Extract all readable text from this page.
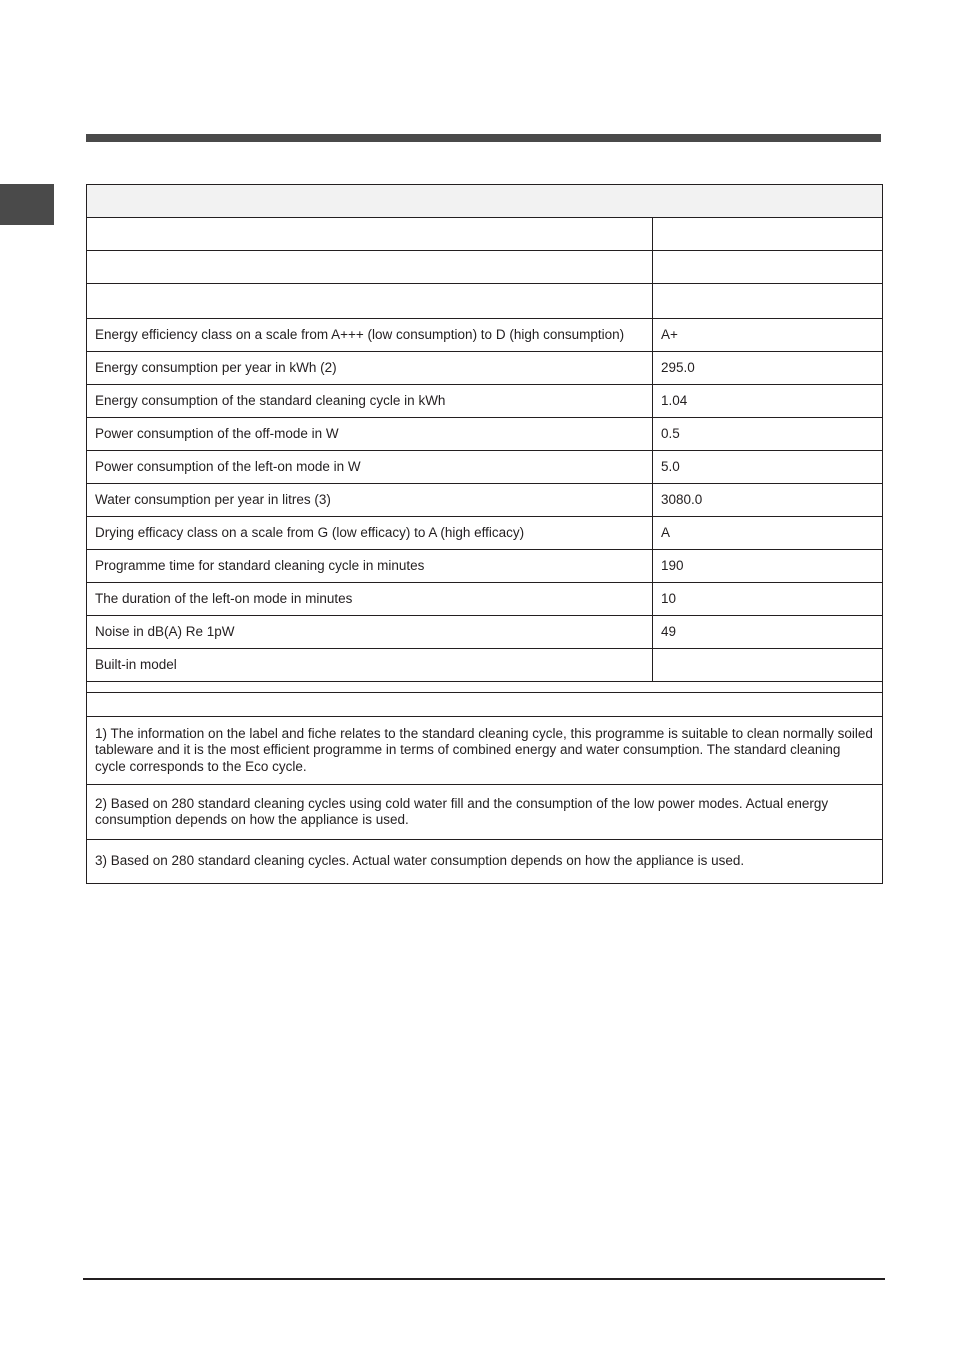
Energy efficiency class on a scale from A+++ (low consumption) to D (high consumption)	A+
Energy consumption per year in kWh (2)	295.0
Energy consumption of the standard cleaning cycle in kWh	1.04
Power consumption of the off-mode in W	0.5
Power consumption of the left-on mode in W	5.0
Water consumption per year in litres (3)	3080.0
Drying efficacy class on a scale from G (low efficacy) to A (high efficacy)	A
Programme time for standard cleaning cycle in minutes	190
The duration of the left-on mode in minutes	10
Noise in dB(A) Re 1pW	49
Built-in model	

1) The information on the label and fiche relates to the standard cleaning cycle, this programme is suitable to clean normally soiled tableware and it is the most efficient programme in terms of combined energy and water consumption. The standard cleaning cycle corresponds to the Eco cycle.	
2) Based on 280 standard cleaning cycles using cold water fill and the consumption of the low power modes. Actual energy consumption depends on how the appliance is used.	
3) Based on 280 standard cleaning cycles. Actual water consumption depends on how the appliance is used.	
